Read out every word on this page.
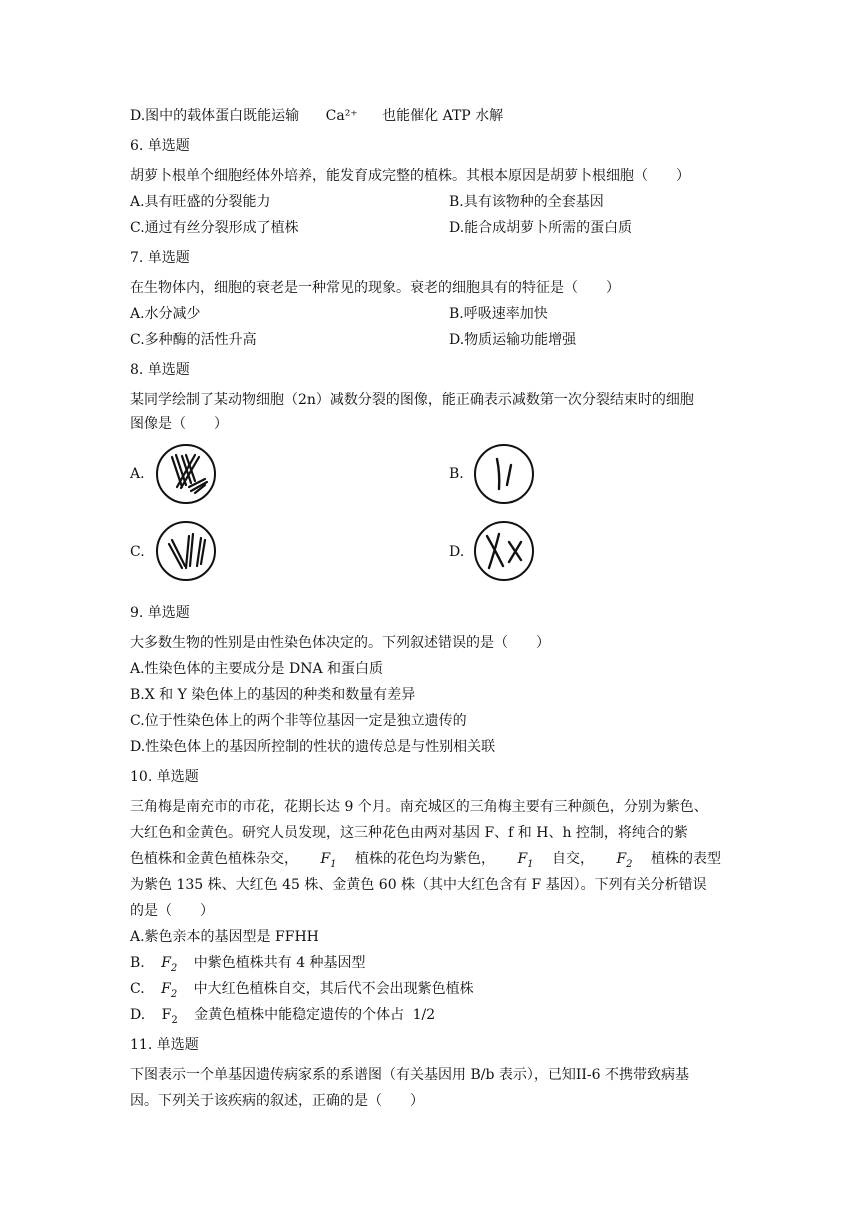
D.图中的载体蛋白既能运输 Ca²⁺ 也能催化 ATP 水解
6. 单选题
胡萝卜根单个细胞经体外培养，能发育成完整的植株。其根本原因是胡萝卜根细胞（　　）
A.具有旺盛的分裂能力	B.具有该物种的全套基因
C.通过有丝分裂形成了植株	D.能合成胡萝卜所需的蛋白质
7. 单选题
在生物体内，细胞的衰老是一种常见的现象。衰老的细胞具有的特征是（　　）
A.水分减少	B.呼吸速率加快
C.多种酶的活性升高	D.物质运输功能增强
8. 单选题
某同学绘制了某动物细胞（2n）减数分裂的图像，能正确表示减数第一次分裂结束时的细胞
图像是（　　）
A.	B.
C.	D.
9. 单选题
大多数生物的性别是由性染色体决定的。下列叙述错误的是（　　）
A.性染色体的主要成分是 DNA 和蛋白质
B.X 和 Y 染色体上的基因的种类和数量有差异
C.位于性染色体上的两个非等位基因一定是独立遗传的
D.性染色体上的基因所控制的性状的遗传总是与性别相关联
10. 单选题
三角梅是南充市的市花，花期长达 9 个月。南充城区的三角梅主要有三种颜色，分别为紫色、
大红色和金黄色。研究人员发现，这三种花色由两对基因 F、f 和 H、h 控制，将纯合的紫
色植株和金黄色植株杂交， $F_1$ 植株的花色均为紫色， $F_1$ 自交， $F_2$ 植株的表型
为紫色 135 株、大红色 45 株、金黄色 60 株（其中大红色含有 F 基因）。下列有关分析错误
的是（　　）
A.紫色亲本的基因型是 FFHH
B. $F_2$ 中紫色植株共有 4 种基因型
C. $F_2$ 中大红色植株自交，其后代不会出现紫色植株
D. $F_2$ 金黄色植株中能稳定遗传的个体占 1/2
11. 单选题
下图表示一个单基因遗传病家系的系谱图（有关基因用 B/b 表示），已知II-6 不携带致病基
因。下列关于该疾病的叙述，正确的是（　　）
